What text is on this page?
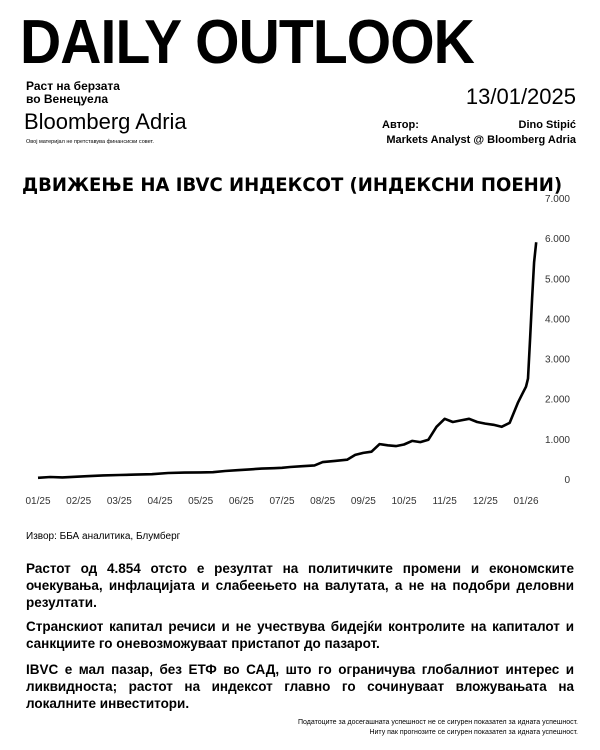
DAILY OUTLOOK
Раст на берзата
во Венецуела
Bloomberg Adria
Овој материјал не претставува финансиски совет.
13/01/2025
Автор:	Dino Stipić
Markets Analyst @ Bloomberg Adria
ДВИЖЕЊЕ НА IBVC ИНДЕКСОТ (ИНДЕКСНИ ПОЕНИ)
0
1.000
2.000
3.000
4.000
5.000
6.000
7.000
01/25 02/25 03/25 04/25 05/25 06/25 07/25 08/25 09/25 10/25 11/25 12/25 01/26
Извор: ББА аналитика, Блумберг
Растот од 4.854 отсто е резултат на политичките промени и економските очекувања, инфлацијата и слабеењето на валутата, а не на подобри деловни резултати.
Странскиот капитал речиси и не учествува бидејќи контролите на капиталот и санкциите го оневозможуваат пристапот до пазарот.
IBVC е мал пазар, без ЕТФ во САД, што го ограничува глобалниот интерес и ликвидноста; растот на индексот главно го сочинуваат вложувањата на локалните инвеститори.
Податоците за досегашната успешност не се сигурен показател за идната успешност.
Ниту пак прогнозите се сигурен показател за идната успешност.
